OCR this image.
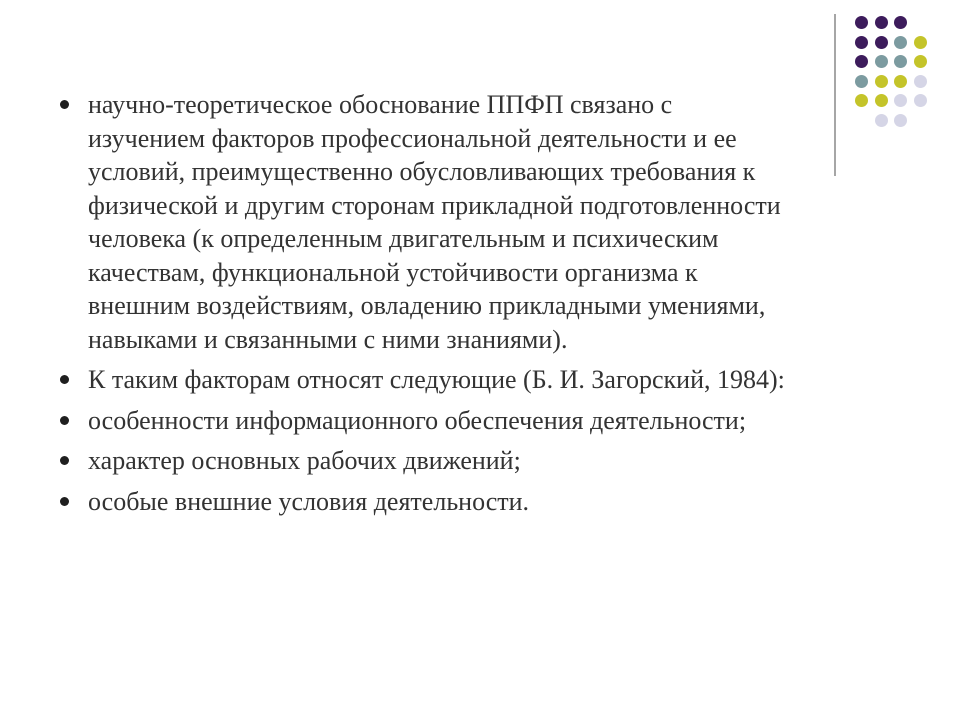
научно-теоретическое обоснование ППФП связано с изучением факторов профессиональной деятельности и ее условий, преимущественно обусловливающих требования к физической и другим сторонам прикладной подготовленности человека (к определенным двигательным и психическим качествам, функциональной устойчивости организма к внешним воздействиям, овладению прикладными умениями, навыками и связанными с ними знаниями).
К таким факторам относят следующие (Б. И. Загорский, 1984):
особенности информационного обеспечения деятельности;
характер основных рабочих движений;
особые внешние условия деятельности.
